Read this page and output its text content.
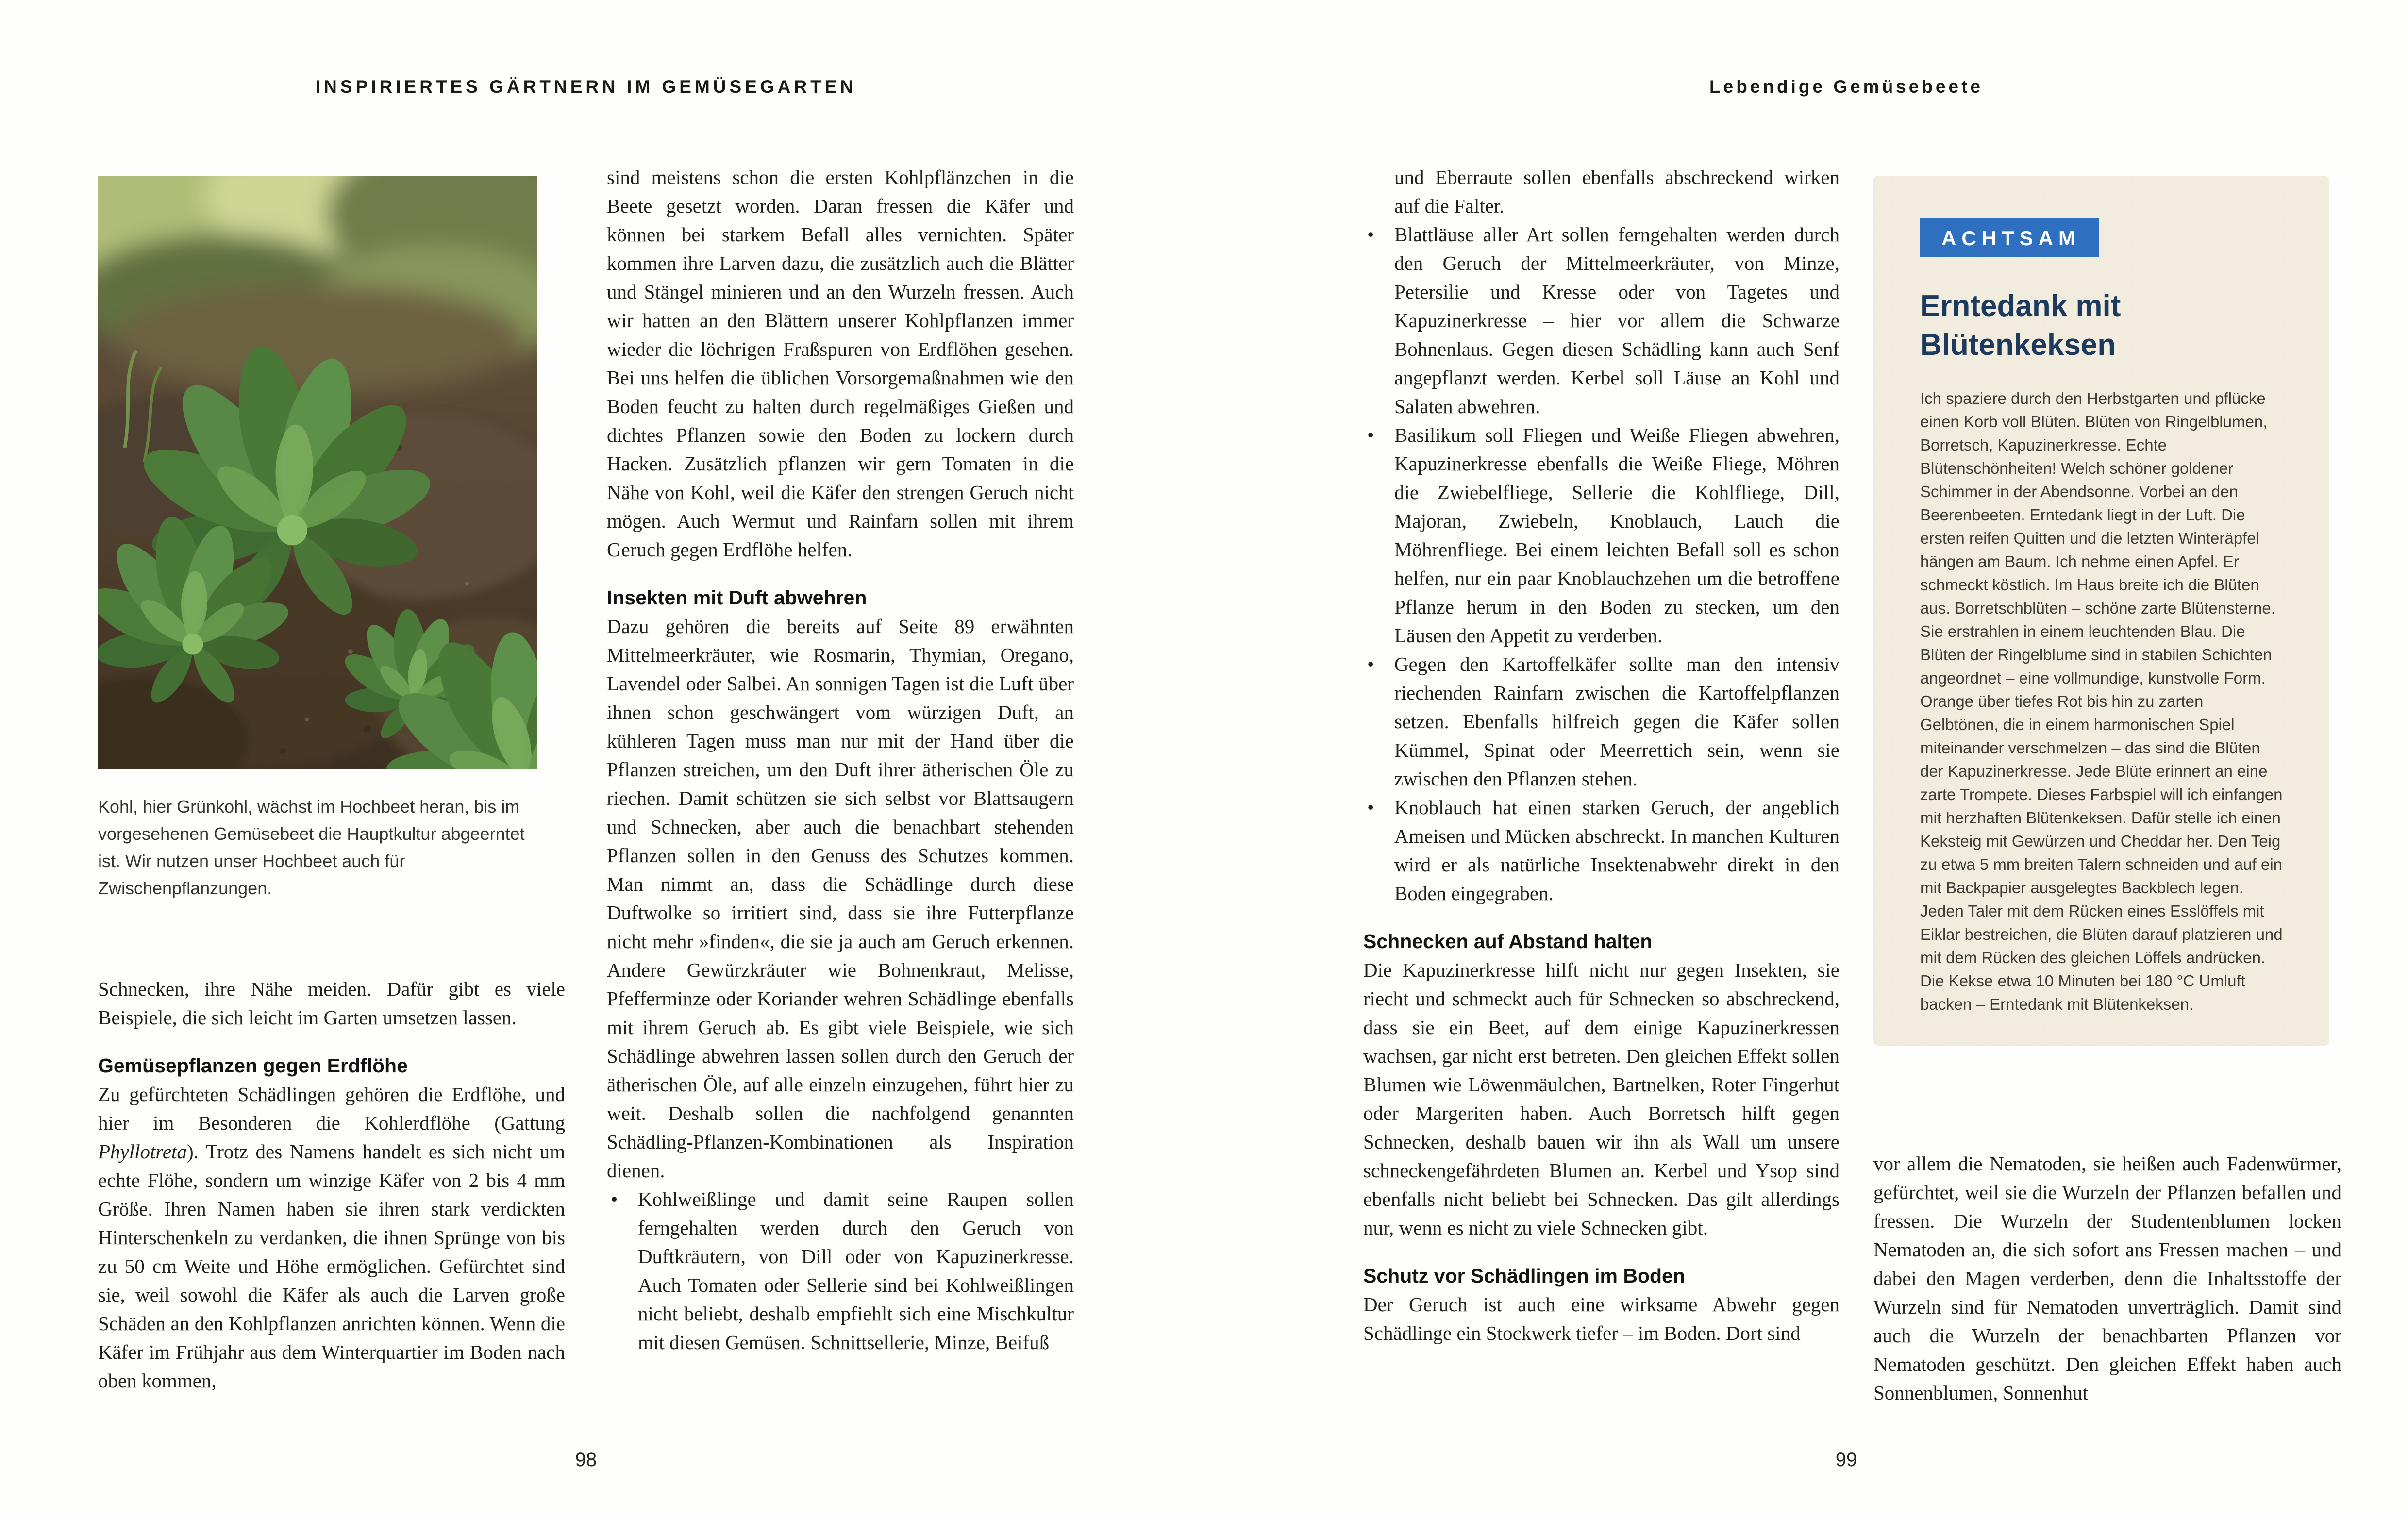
INSPIRIERTES GÄRTNERN IM GEMÜSEGARTEN
Kohl, hier Grünkohl, wächst im Hochbeet heran, bis im vorgesehenen Gemüsebeet die Hauptkultur abgeerntet ist. Wir nutzen unser Hochbeet auch für Zwischenpflanzungen.

Schnecken, ihre Nähe meiden. Dafür gibt es viele Beispiele, die sich leicht im Garten umsetzen lassen.

Gemüsepflanzen gegen Erdflöhe

Zu gefürchteten Schädlingen gehören die Erdflöhe, und hier im Besonderen die Kohlerdflöhe (Gattung Phyllotreta). Trotz des Namens handelt es sich nicht um echte Flöhe, sondern um winzige Käfer von 2 bis 4 mm Größe. Ihren Namen haben sie ihren stark verdickten Hinterschenkeln zu verdanken, die ihnen Sprünge von bis zu 50 cm Weite und Höhe ermöglichen. Gefürchtet sind sie, weil sowohl die Käfer als auch die Larven große Schäden an den Kohlpflanzen anrichten können. Wenn die Käfer im Frühjahr aus dem Winterquartier im Boden nach oben kommen,

sind meistens schon die ersten Kohlpflänzchen in die Beete gesetzt worden. Daran fressen die Käfer und können bei starkem Befall alles vernichten. Später kommen ihre Larven dazu, die zusätzlich auch die Blätter und Stängel minieren und an den Wurzeln fressen. Auch wir hatten an den Blättern unserer Kohlpflanzen immer wieder die löchrigen Fraßspuren von Erdflöhen gesehen. Bei uns helfen die üblichen Vorsorgemaßnahmen wie den Boden feucht zu halten durch regelmäßiges Gießen und dichtes Pflanzen sowie den Boden zu lockern durch Hacken. Zusätzlich pflanzen wir gern Tomaten in die Nähe von Kohl, weil die Käfer den strengen Geruch nicht mögen. Auch Wermut und Rainfarn sollen mit ihrem Geruch gegen Erdflöhe helfen.

Insekten mit Duft abwehren

Dazu gehören die bereits auf Seite 89 erwähnten Mittelmeerkräuter, wie Rosmarin, Thymian, Oregano, Lavendel oder Salbei. An sonnigen Tagen ist die Luft über ihnen schon geschwängert vom würzigen Duft, an kühleren Tagen muss man nur mit der Hand über die Pflanzen streichen, um den Duft ihrer ätherischen Öle zu riechen. Damit schützen sie sich selbst vor Blattsaugern und Schnecken, aber auch die benachbart stehenden Pflanzen sollen in den Genuss des Schutzes kommen. Man nimmt an, dass die Schädlinge durch diese Duftwolke so irritiert sind, dass sie ihre Futterpflanze nicht mehr »finden«, die sie ja auch am Geruch erkennen. Andere Gewürzkräuter wie Bohnenkraut, Melisse, Pfefferminze oder Koriander wehren Schädlinge ebenfalls mit ihrem Geruch ab. Es gibt viele Beispiele, wie sich Schädlinge abwehren lassen sollen durch den Geruch der ätherischen Öle, auf alle einzeln einzugehen, führt hier zu weit. Deshalb sollen die nachfolgend genannten Schädling-Pflanzen-Kombinationen als Inspiration dienen.

• Kohlweißlinge und damit seine Raupen sollen ferngehalten werden durch den Geruch von Duftkräutern, von Dill oder von Kapuzinerkresse. Auch Tomaten oder Sellerie sind bei Kohlweißlingen nicht beliebt, deshalb empfiehlt sich eine Mischkultur mit diesen Gemüsen. Schnittsellerie, Minze, Beifuß
98
Lebendige Gemüsebeete

und Eberraute sollen ebenfalls abschreckend wirken auf die Falter.

• Blattläuse aller Art sollen ferngehalten werden durch den Geruch der Mittelmeerkräuter, von Minze, Petersilie und Kresse oder von Tagetes und Kapuzinerkresse – hier vor allem die Schwarze Bohnenlaus. Gegen diesen Schädling kann auch Senf angepflanzt werden. Kerbel soll Läuse an Kohl und Salaten abwehren.
• Basilikum soll Fliegen und Weiße Fliegen abwehren, Kapuzinerkresse ebenfalls die Weiße Fliege, Möhren die Zwiebelfliege, Sellerie die Kohlfliege, Dill, Majoran, Zwiebeln, Knoblauch, Lauch die Möhrenfliege. Bei einem leichten Befall soll es schon helfen, nur ein paar Knoblauchzehen um die betroffene Pflanze herum in den Boden zu stecken, um den Läusen den Appetit zu verderben.
• Gegen den Kartoffelkäfer sollte man den intensiv riechenden Rainfarn zwischen die Kartoffelpflanzen setzen. Ebenfalls hilfreich gegen die Käfer sollen Kümmel, Spinat oder Meerrettich sein, wenn sie zwischen den Pflanzen stehen.
• Knoblauch hat einen starken Geruch, der angeblich Ameisen und Mücken abschreckt. In manchen Kulturen wird er als natürliche Insektenabwehr direkt in den Boden eingegraben.
Schnecken auf Abstand halten

Die Kapuzinerkresse hilft nicht nur gegen Insekten, sie riecht und schmeckt auch für Schnecken so abschreckend, dass sie ein Beet, auf dem einige Kapuzinerkressen wachsen, gar nicht erst betreten. Den gleichen Effekt sollen Blumen wie Löwenmäulchen, Bartnelken, Roter Fingerhut oder Margeriten haben. Auch Borretsch hilft gegen Schnecken, deshalb bauen wir ihn als Wall um unsere schneckengefährdeten Blumen an. Kerbel und Ysop sind ebenfalls nicht beliebt bei Schnecken. Das gilt allerdings nur, wenn es nicht zu viele Schnecken gibt.

Schutz vor Schädlingen im Boden

Der Geruch ist auch eine wirksame Abwehr gegen Schädlinge ein Stockwerk tiefer – im Boden. Dort sind

ACHTSAM
Erntedank mit Blütenkeksen
Ich spaziere durch den Herbstgarten und pflücke einen Korb voll Blüten. Blüten von Ringelblumen, Borretsch, Kapuzinerkresse. Echte Blütenschönheiten! Welch schöner goldener Schimmer in der Abendsonne. Vorbei an den Beerenbeeten. Erntedank liegt in der Luft. Die ersten reifen Quitten und die letzten Winteräpfel hängen am Baum. Ich nehme einen Apfel. Er schmeckt köstlich. Im Haus breite ich die Blüten aus. Borretschblüten – schöne zarte Blütensterne. Sie erstrahlen in einem leuchtenden Blau. Die Blüten der Ringelblume sind in stabilen Schichten angeordnet – eine vollmundige, kunstvolle Form. Orange über tiefes Rot bis hin zu zarten Gelbtönen, die in einem harmonischen Spiel miteinander verschmelzen – das sind die Blüten der Kapuzinerkresse. Jede Blüte erinnert an eine zarte Trompete. Dieses Farbspiel will ich einfangen mit herzhaften Blütenkeksen. Dafür stelle ich einen Keksteig mit Gewürzen und Cheddar her. Den Teig zu etwa 5 mm breiten Talern schneiden und auf ein mit Backpapier ausgelegtes Backblech legen. Jeden Taler mit dem Rücken eines Esslöffels mit Eiklar bestreichen, die Blüten darauf platzieren und mit dem Rücken des gleichen Löffels andrücken. Die Kekse etwa 10 Minuten bei 180 °C Umluft backen – Erntedank mit Blütenkeksen.

vor allem die Nematoden, sie heißen auch Fadenwürmer, gefürchtet, weil sie die Wurzeln der Pflanzen befallen und fressen. Die Wurzeln der Studentenblumen locken Nematoden an, die sich sofort ans Fressen machen – und dabei den Magen verderben, denn die Inhaltsstoffe der Wurzeln sind für Nematoden unverträglich. Damit sind auch die Wurzeln der benachbarten Pflanzen vor Nematoden geschützt. Den gleichen Effekt haben auch Sonnenblumen, Sonnenhut

99
